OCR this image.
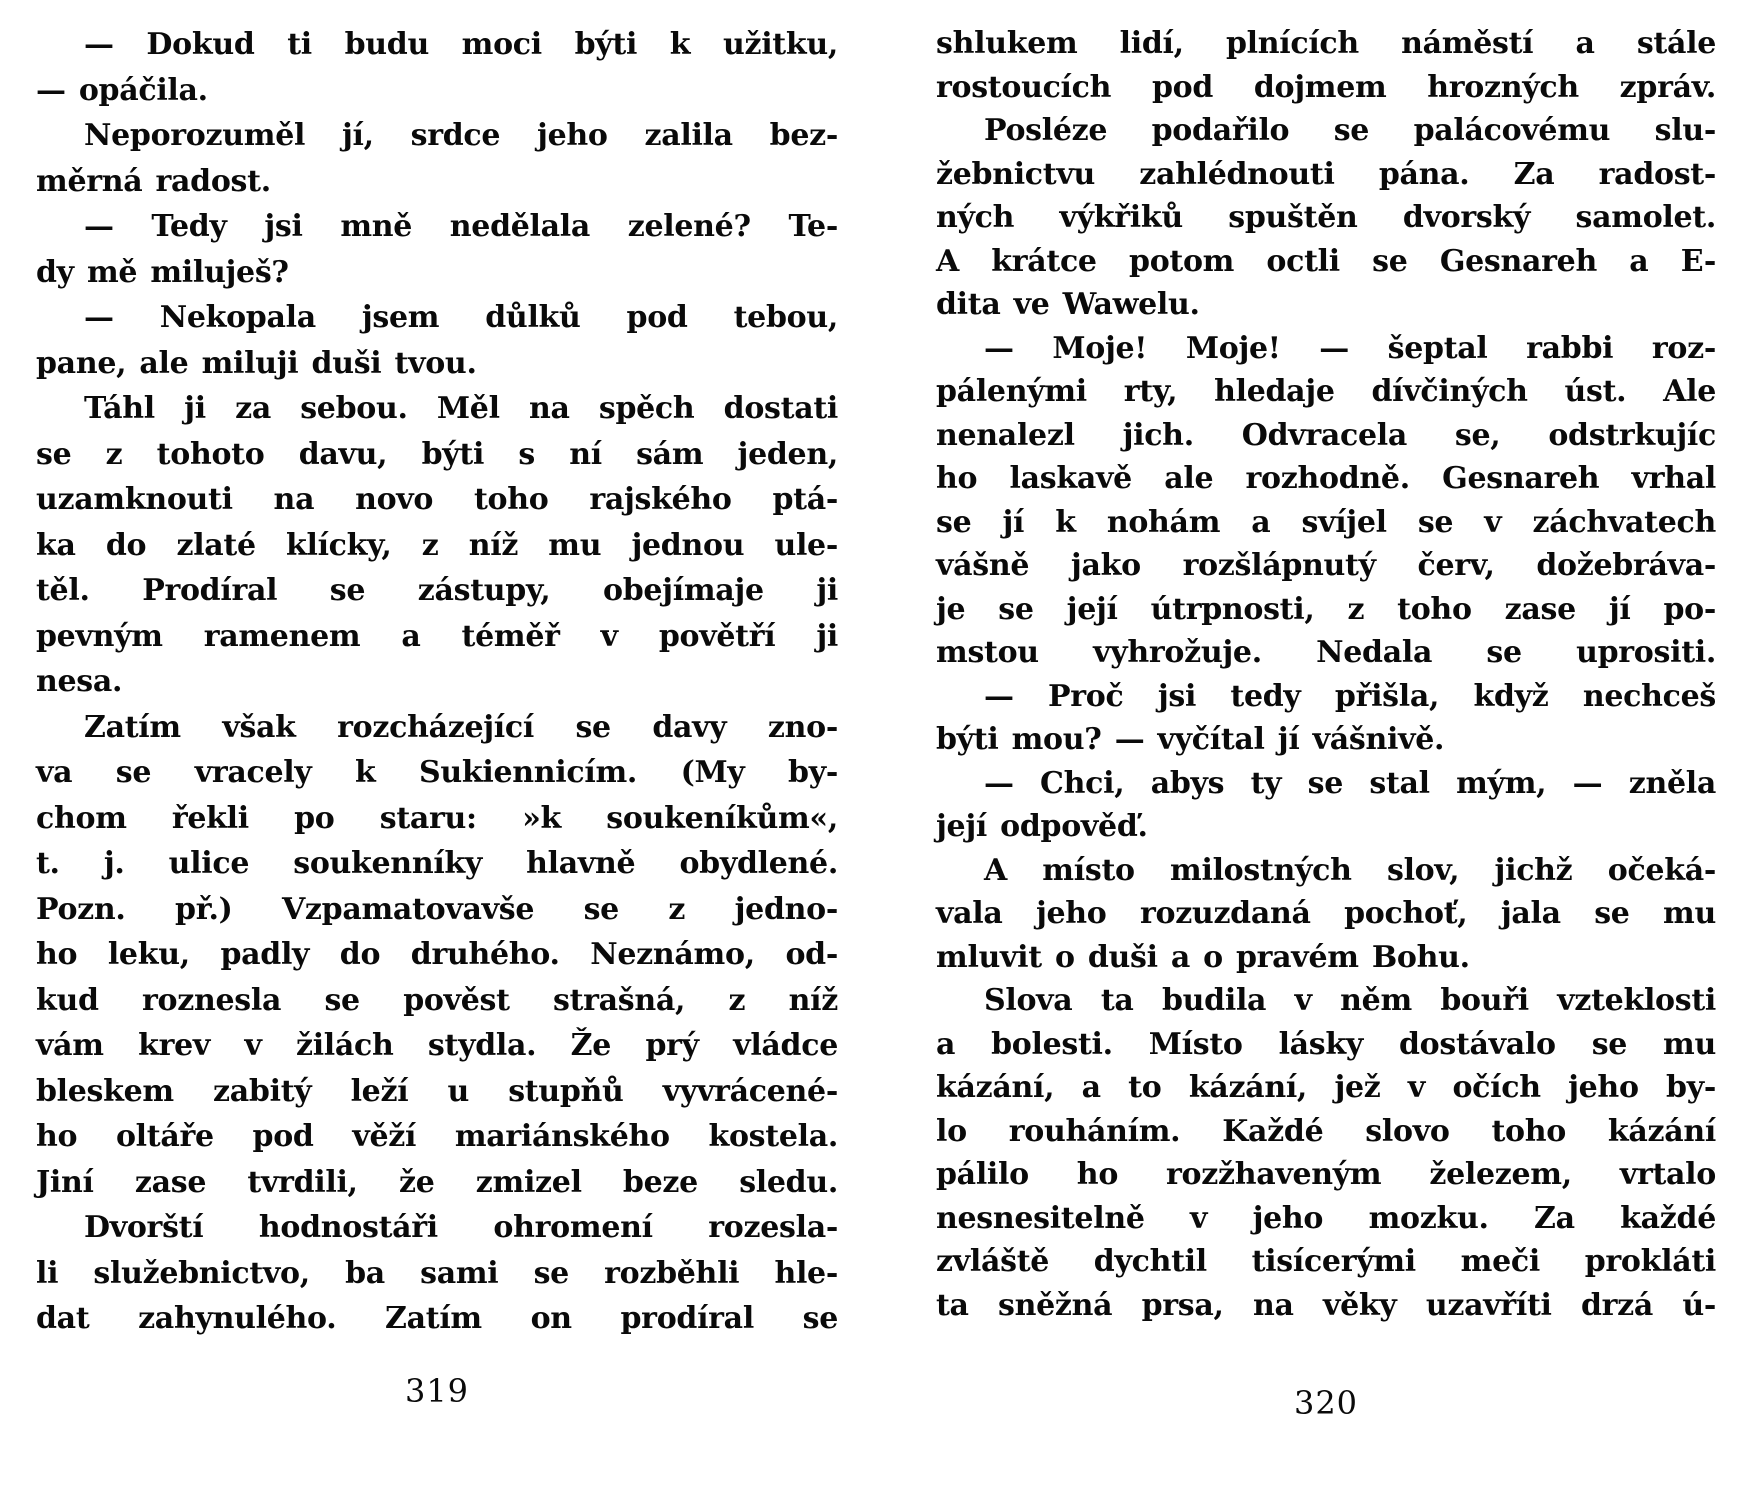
— Dokud ti budu moci býti k užitku,
— opáčila.
Neporozuměl jí, srdce jeho zalila bez-
měrná radost.
— Tedy jsi mně nedělala zelené? Te-
dy mě miluješ?
— Nekopala jsem důlků pod tebou,
pane, ale miluji duši tvou.
Táhl ji za sebou. Měl na spěch dostati
se z tohoto davu, býti s ní sám jeden,
uzamknouti na novo toho rajského ptá-
ka do zlaté klícky, z níž mu jednou ule-
těl. Prodíral se zástupy, obejímaje ji
pevným ramenem a téměř v povětří ji
nesa.
Zatím však rozcházející se davy zno-
va se vracely k Sukiennicím. (My by-
chom řekli po staru: »k soukeníkům«,
t. j. ulice soukenníky hlavně obydlené.
Pozn. př.) Vzpamatovavše se z jedno-
ho leku, padly do druhého. Neznámo, od-
kud roznesla se pověst strašná, z níž
vám krev v žilách stydla. Že prý vládce
bleskem zabitý leží u stupňů vyvrácené-
ho oltáře pod věží mariánského kostela.
Jiní zase tvrdili, že zmizel beze sledu.
Dvorští hodnostáři ohromení rozesla-
li služebnictvo, ba sami se rozběhli hle-
dat zahynulého. Zatím on prodíral se
319
shlukem lidí, plnících náměstí a stále
rostoucích pod dojmem hrozných zpráv.
Posléze podařilo se palácovému slu-
žebnictvu zahlédnouti pána. Za radost-
ných výkřiků spuštěn dvorský samolet.
A krátce potom octli se Gesnareh a E-
dita ve Wawelu.
— Moje! Moje! — šeptal rabbi roz-
pálenými rty, hledaje dívčiných úst. Ale
nenalezl jich. Odvracela se, odstrkujíc
ho laskavě ale rozhodně. Gesnareh vrhal
se jí k nohám a svíjel se v záchvatech
vášně jako rozšlápnutý červ, dožebráva-
je se její útrpnosti, z toho zase jí po-
mstou vyhrožuje. Nedala se uprositi.
— Proč jsi tedy přišla, když nechceš
býti mou? — vyčítal jí vášnivě.
— Chci, abys ty se stal mým, — zněla
její odpověď.
A místo milostných slov, jichž očeká-
vala jeho rozuzdaná pochoť, jala se mu
mluvit o duši a o pravém Bohu.
Slova ta budila v něm bouři vzteklosti
a bolesti. Místo lásky dostávalo se mu
kázání, a to kázání, jež v očích jeho by-
lo rouháním. Každé slovo toho kázání
pálilo ho rozžhaveným železem, vrtalo
nesnesitelně v jeho mozku. Za každé
zvláště dychtil tisícerými meči prokláti
ta sněžná prsa, na věky uzavříti drzá ú-
320
